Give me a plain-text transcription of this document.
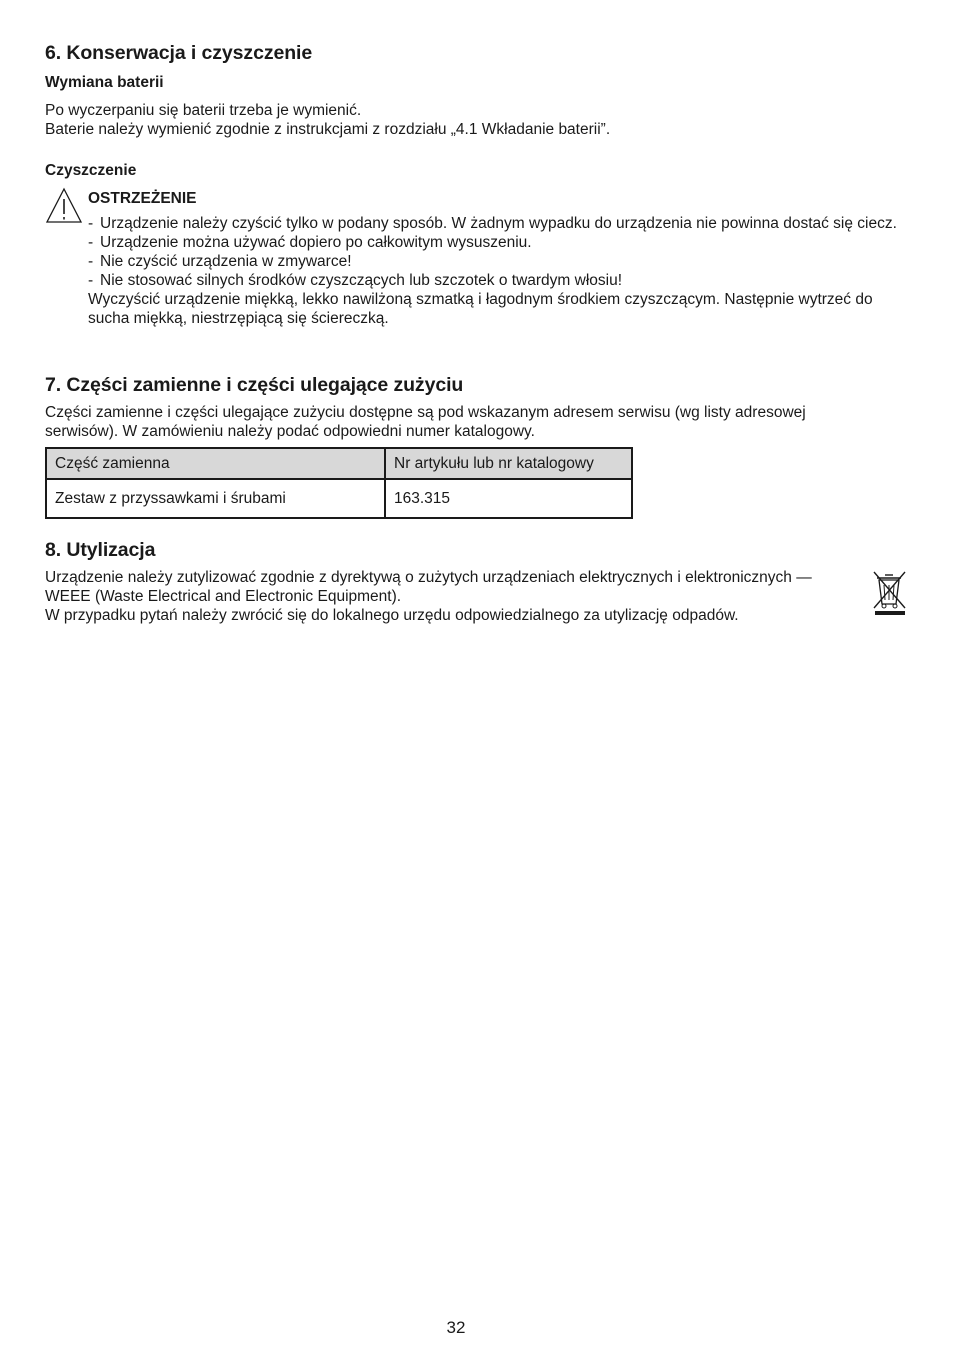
6. Konserwacja i czyszczenie
Wymiana baterii

Po wyczerpaniu się baterii trzeba je wymienić.

Baterie należy wymienić zgodnie z instrukcjami z rozdziału „4.1 Wkładanie baterii”.

Czyszczenie
OSTRZEŻENIE
- Urządzenie należy czyścić tylko w podany sposób. W żadnym wypadku do urządzenia nie powinna dostać się ciecz.
- Urządzenie można używać dopiero po całkowitym wysuszeniu.
- Nie czyścić urządzenia w zmywarce!
- Nie stosować silnych środków czyszczących lub szczotek o twardym włosiu!
Wyczyścić urządzenie miękką, lekko nawilżoną szmatką i łagodnym środkiem czyszczącym. Następnie wytrzeć do sucha miękką, niestrzępiącą się ściereczką.
7. Części zamienne i części ulegające zużyciu

Części zamienne i części ulegające zużyciu dostępne są pod wskazanym adresem serwisu (wg listy adresowej serwisów). W zamówieniu należy podać odpowiedni numer katalogowy.

Część zamienna	Nr artykułu lub nr katalogowy
Zestaw z przyssawkami i śrubami	163.315
8. Utylizacja

Urządzenie należy zutylizować zgodnie z dyrektywą o zużytych urządzeniach elektrycznych i elektronicznych —

WEEE (Waste Electrical and Electronic Equipment).

W przypadku pytań należy zwrócić się do lokalnego urzędu odpowiedzialnego za utylizację odpadów.

32
